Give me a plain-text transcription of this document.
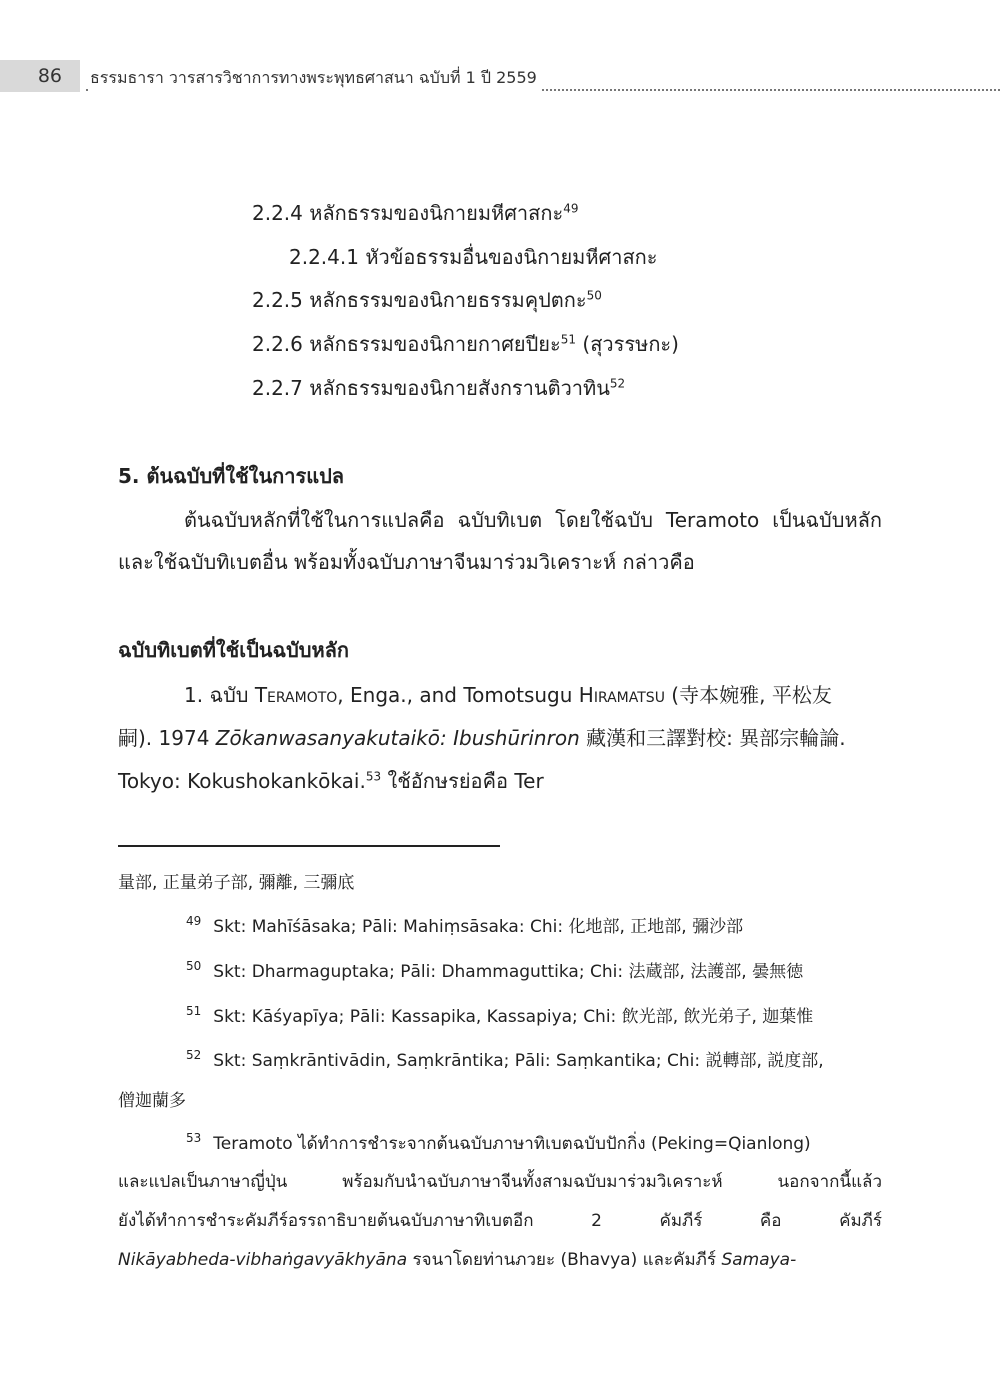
86	ธรรมธารา วารสารวิชาการทางพระพุทธศาสนา ฉบับที่ 1 ปี 2559
2.2.4 หลักธรรมของนิกายมหีศาสกะ$^{49}$
2.2.4.1 หัวข้อธรรมอื่นของนิกายมหีศาสกะ
2.2.5 หลักธรรมของนิกายธรรมคุปตกะ$^{50}$
2.2.6 หลักธรรมของนิกายกาศยปียะ$^{51}$ (สุวรรษกะ)
2.2.7 หลักธรรมของนิกายสังกรานติวาทิน$^{52}$
5. ต้นฉบับที่ใช้ในการแปล
ต้นฉบับหลักที่ใช้ในการแปลคือ ฉบับทิเบต โดยใช้ฉบับ Teramoto เป็นฉบับหลัก
และใช้ฉบับทิเบตอื่น พร้อมทั้งฉบับภาษาจีนมาร่วมวิเคราะห์ กล่าวคือ
ฉบับทิเบตที่ใช้เป็นฉบับหลัก
1. ฉบับ Teramoto, Enga., and Tomotsugu Hiramatsu (寺本婉雅, 平松友
嗣). 1974 Zōkanwasanyakutaikō: Ibushūrinron 藏漢和三譯對校: 異部宗輪論.
Tokyo: Kokushokankōkai.$^{53}$ ใช้อักษรย่อคือ Ter
量部, 正量弟子部, 彌離, 三彌底
$^{49}$ Skt: Mahīśāsaka; Pāli: Mahiṃsāsaka: Chi: 化地部, 正地部, 彌沙部
$^{50}$ Skt: Dharmaguptaka; Pāli: Dhammaguttika; Chi: 法蔵部, 法護部, 曇無徳
$^{51}$ Skt: Kāśyapīya; Pāli: Kassapika, Kassapiya; Chi: 飲光部, 飲光弟子, 迦葉惟
$^{52}$ Skt: Saṃkrāntivādin, Saṃkrāntika; Pāli: Saṃkantika; Chi: 説轉部, 説度部,
僧迦蘭多
$^{53}$ Teramoto ได้ทำการชำระจากต้นฉบับภาษาทิเบตฉบับปักกิ่ง (Peking=Qianlong)
และแปลเป็นภาษาญี่ปุ่น พร้อมกับนำฉบับภาษาจีนทั้งสามฉบับมาร่วมวิเคราะห์ นอกจากนี้แล้ว
ยังได้ทำการชำระคัมภีร์อรรถาธิบายต้นฉบับภาษาทิเบตอีก 2 คัมภีร์ คือ คัมภีร์
Nikāyabheda-vibhaṅgavyākhyāna รจนาโดยท่านภวยะ (Bhavya) และคัมภีร์ Samaya-
